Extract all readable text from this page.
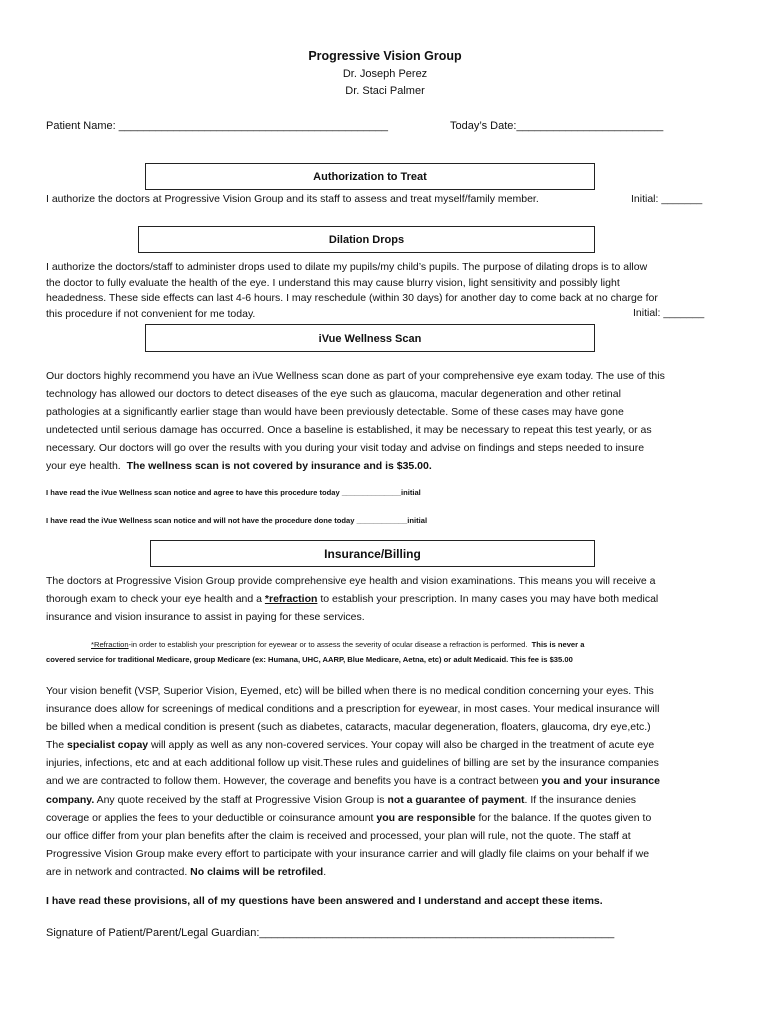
Progressive Vision Group
Dr. Joseph Perez
Dr. Staci Palmer
Patient Name: ____________________________________________	Today’s Date:________________________
Authorization to Treat
I authorize the doctors at Progressive Vision Group and its staff to assess and treat myself/family member.	Initial: _______
Dilation Drops

I authorize the doctors/staff to administer drops used to dilate my pupils/my child’s pupils. The purpose of dilating drops is to allow

the doctor to fully evaluate the health of the eye. I understand this may cause blurry vision, light sensitivity and possibly light

headedness. These side effects can last 4-6 hours. I may reschedule (within 30 days) for another day to come back at no charge for

this procedure if not convenient for me today.	Initial: _______
iVue Wellness Scan

Our doctors highly recommend you have an iVue Wellness scan done as part of your comprehensive eye exam today. The use of this

technology has allowed our doctors to detect diseases of the eye such as glaucoma, macular degeneration and other retinal

pathologies at a significantly earlier stage than would have been previously detectable. Some of these cases may have gone

undetected until serious damage has occurred. Once a baseline is established, it may be necessary to repeat this test yearly, or as

necessary. Our doctors will go over the results with you during your visit today and advise on findings and steps needed to insure

your eye health. The wellness scan is not covered by insurance and is $35.00.

I have read the iVue Wellness scan notice and agree to have this procedure today ______________initial
I have read the iVue Wellness scan notice and will not have the procedure done today ____________initial
Insurance/Billing

The doctors at Progressive Vision Group provide comprehensive eye health and vision examinations. This means you will receive a

thorough exam to check your eye health and a *refraction to establish your prescription. In many cases you may have both medical

insurance and vision insurance to assist in paying for these services.

*Refraction-in order to establish your prescription for eyewear or to assess the severity of ocular disease a refraction is performed. This is never a
covered service for traditional Medicare, group Medicare (ex: Humana, UHC, AARP, Blue Medicare, Aetna, etc) or adult Medicaid. This fee is $35.00

Your vision benefit (VSP, Superior Vision, Eyemed, etc) will be billed when there is no medical condition concerning your eyes. This

insurance does allow for screenings of medical conditions and a prescription for eyewear, in most cases. Your medical insurance will

be billed when a medical condition is present (such as diabetes, cataracts, macular degeneration, floaters, glaucoma, dry eye,etc.)

The specialist copay will apply as well as any non-covered services. Your copay will also be charged in the treatment of acute eye

injuries, infections, etc and at each additional follow up visit.These rules and guidelines of billing are set by the insurance companies

and we are contracted to follow them. However, the coverage and benefits you have is a contract between you and your insurance

company. Any quote received by the staff at Progressive Vision Group is not a guarantee of payment. If the insurance denies

coverage or applies the fees to your deductible or coinsurance amount you are responsible for the balance. If the quotes given to

our office differ from your plan benefits after the claim is received and processed, your plan will rule, not the quote. The staff at

Progressive Vision Group make every effort to participate with your insurance carrier and will gladly file claims on your behalf if we

are in network and contracted. No claims will be retrofiled.

I have read these provisions, all of my questions have been answered and I understand and accept these items.
Signature of Patient/Parent/Legal Guardian:__________________________________________________________
